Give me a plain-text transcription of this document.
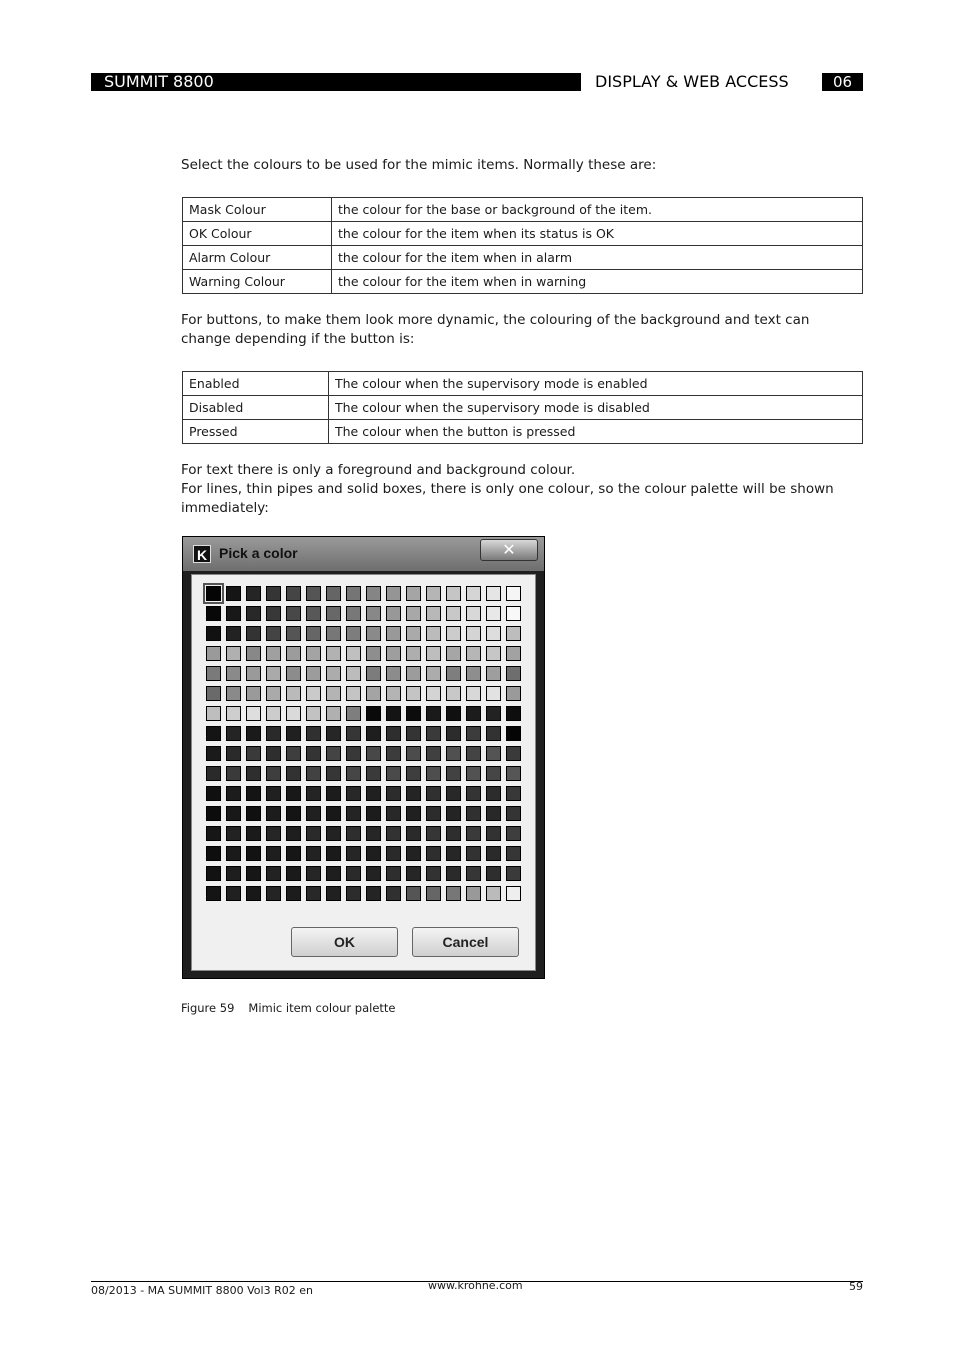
SUMMIT 8800	DISPLAY & WEB ACCESS	06
Select the colours to be used for the mimic items. Normally these are:
Mask Colour	the colour for the base or background of the item.
OK Colour	the colour for the item when its status is OK
Alarm Colour	the colour for the item when in alarm
Warning Colour	the colour for the item when in warning
For buttons, to make them look more dynamic, the colouring of the background and text can change depending if the button is:
Enabled	The colour when the supervisory mode is enabled
Disabled	The colour when the supervisory mode is disabled
Pressed	The colour when the button is pressed
For text there is only a foreground and background colour.
For lines, thin pipes and solid boxes, there is only one colour, so the colour palette will be shown immediately:
K Pick a color	✕
OK	Cancel
Figure 59 Mimic item colour palette
08/2013 - MA SUMMIT 8800 Vol3 R02 en	www.krohne.com	59
